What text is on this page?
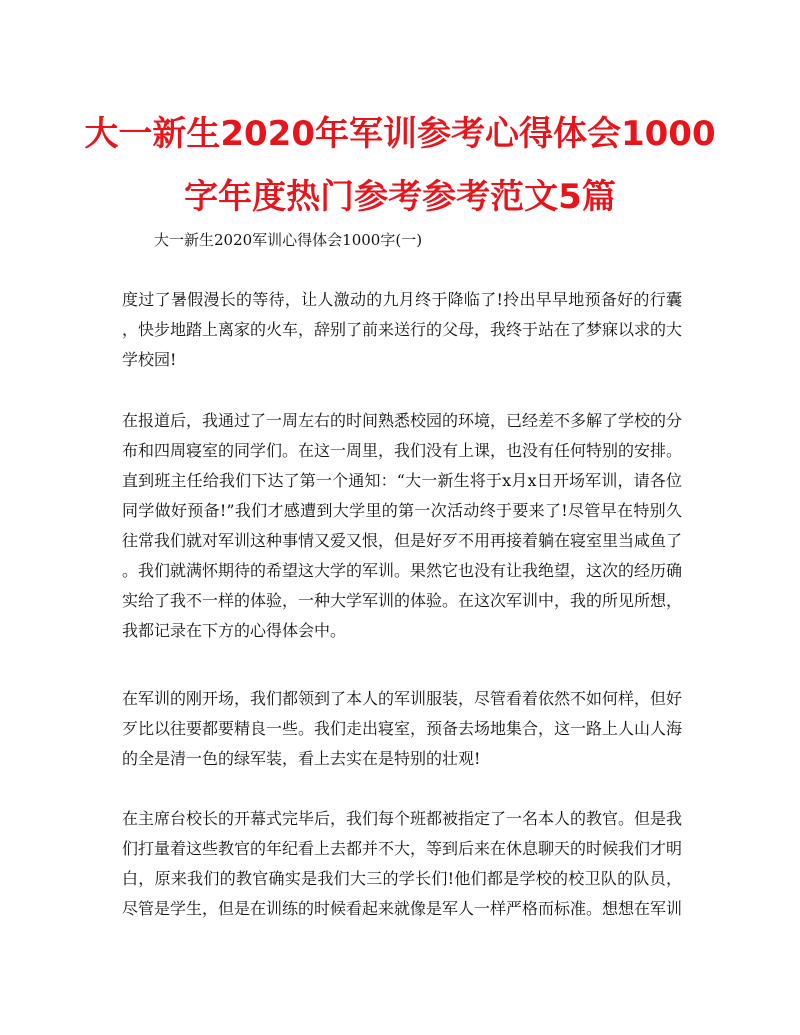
大一新生2020年军训参考心得体会1000
字年度热门参考参考范文5篇
大一新生2020军训心得体会1000字(一)
度过了暑假漫长的等待，让人激动的九月终于降临了!拎出早早地预备好的行囊
，快步地踏上离家的火车，辞别了前来送行的父母，我终于站在了梦寐以求的大
学校园!
在报道后，我通过了一周左右的时间熟悉校园的环境，已经差不多解了学校的分
布和四周寝室的同学们。在这一周里，我们没有上课，也没有任何特别的安排。
直到班主任给我们下达了第一个通知：“大一新生将于x月x日开场军训，请各位
同学做好预备!”我们才感遭到大学里的第一次活动终于要来了!尽管早在特别久
往常我们就对军训这种事情又爱又恨，但是好歹不用再接着躺在寝室里当咸鱼了
。我们就满怀期待的希望这大学的军训。果然它也没有让我绝望，这次的经历确
实给了我不一样的体验，一种大学军训的体验。在这次军训中，我的所见所想，
我都记录在下方的心得体会中。
在军训的刚开场，我们都领到了本人的军训服装，尽管看着依然不如何样，但好
歹比以往要都要精良一些。我们走出寝室，预备去场地集合，这一路上人山人海
的全是清一色的绿军装，看上去实在是特别的壮观!
在主席台校长的开幕式完毕后，我们每个班都被指定了一名本人的教官。但是我
们打量着这些教官的年纪看上去都并不大，等到后来在休息聊天的时候我们才明
白，原来我们的教官确实是我们大三的学长们!他们都是学校的校卫队的队员，
尽管是学生，但是在训练的时候看起来就像是军人一样严格而标准。想想在军训
